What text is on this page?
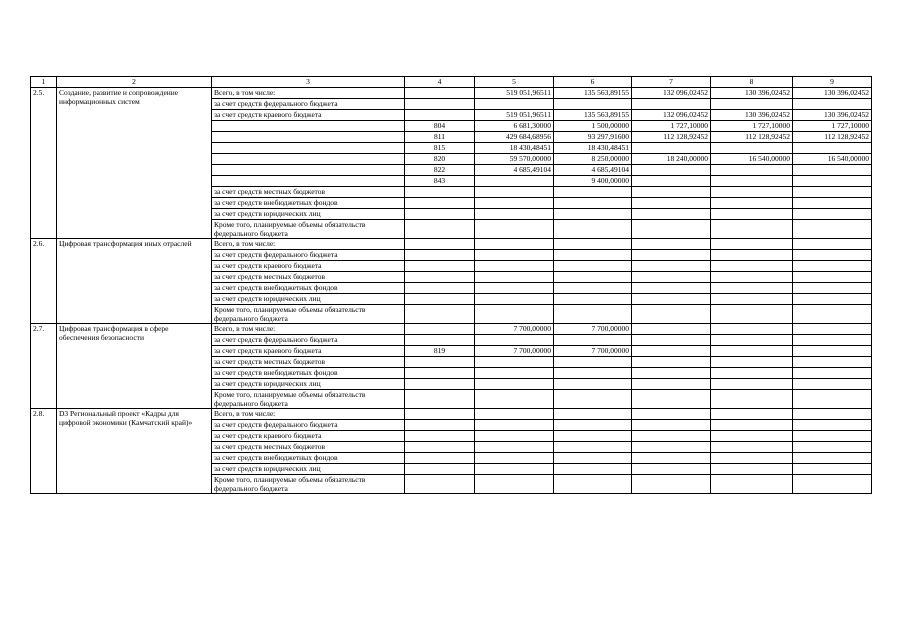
1	2	3	4	5	6	7	8	9
2.5.	Создание, развитие и сопровождение информационных систем	Всего, в том числе:		519 051,96511	135 563,89155	132 096,02452	130 396,02452	130 396,02452
		за счет средств федерального бюджета						
		за счет средств краевого бюджета		519 051,96511	135 563,89155	132 096,02452	130 396,02452	130 396,02452
			804	6 681,30000	1 500,00000	1 727,10000	1 727,10000	1 727,10000
			811	429 684,68956	93 297,91600	112 128,92452	112 128,92452	112 128,92452
			815	18 430,48451	18 430,48451			
			820	59 570,00000	8 250,00000	18 240,00000	16 540,00000	16 540,00000
			822	4 685,49104	4 685,49104			
			843		9 400,00000			
		за счет средств местных бюджетов						
		за счет средств внебюджетных фондов						
		за счет средств юридических лиц						
		Кроме того, планируемые объемы обязательств федерального бюджета						
2.6.	Цифровая трансформация иных отраслей	Всего, в том числе:						
		за счет средств федерального бюджета						
		за счет средств краевого бюджета						
		за счет средств местных бюджетов						
		за счет средств внебюджетных фондов						
		за счет средств юридических лиц						
		Кроме того, планируемые объемы обязательств федерального бюджета						
2.7.	Цифровая трансформация в сфере обеспечения безопасности	Всего, в том числе:		7 700,00000	7 700,00000			
		за счет средств федерального бюджета						
		за счет средств краевого бюджета	819	7 700,00000	7 700,00000			
		за счет средств местных бюджетов						
		за счет средств внебюджетных фондов						
		за счет средств юридических лиц						
		Кроме того, планируемые объемы обязательств федерального бюджета						
2.8.	D3 Региональный проект «Кадры для цифровой экономики (Камчатский край)»	Всего, в том числе:						
		за счет средств федерального бюджета						
		за счет средств краевого бюджета						
		за счет средств местных бюджетов						
		за счет средств внебюджетных фондов						
		за счет средств юридических лиц						
		Кроме того, планируемые объемы обязательств федерального бюджета						
